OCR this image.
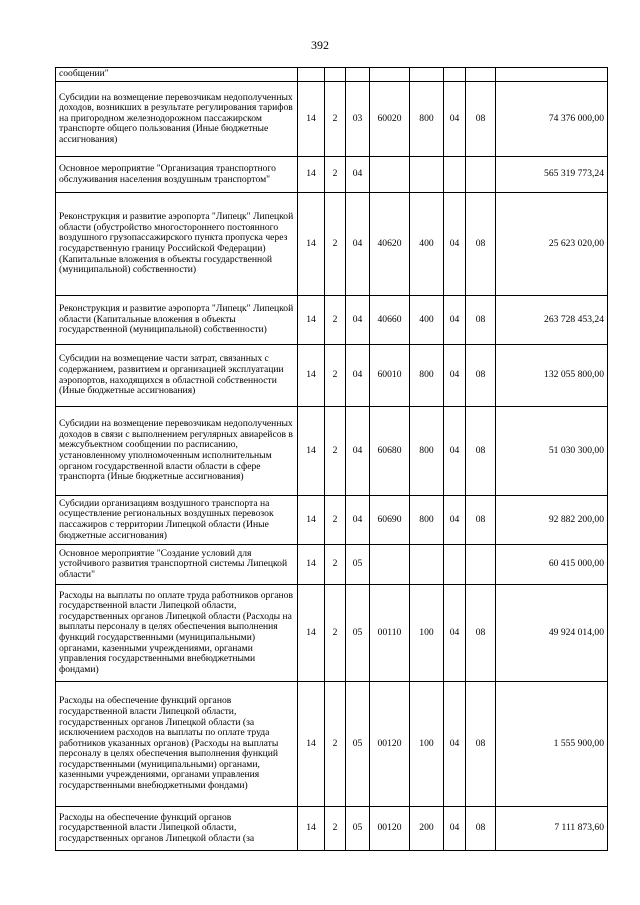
392
сообщении"								
Субсидии на возмещение перевозчикам недополученных доходов, возникших в результате регулирования тарифов на пригородном железнодорожном пассажирском транспорте общего пользования (Иные бюджетные ассигнования)	14	2	03	60020	800	04	08	74 376 000,00
Основное мероприятие "Организация транспортного обслуживания населения воздушным транспортом"	14	2	04					565 319 773,24
Реконструкция и развитие аэропорта "Липецк" Липецкой области (обустройство многостороннего постоянного воздушного грузопассажирского пункта пропуска через государственную границу Российской Федерации) (Капитальные вложения в объекты государственной (муниципальной) собственности)	14	2	04	40620	400	04	08	25 623 020,00
Реконструкция и развитие аэропорта "Липецк" Липецкой области (Капитальные вложения в объекты государственной (муниципальной) собственности)	14	2	04	40660	400	04	08	263 728 453,24
Субсидии на возмещение части затрат, связанных с содержанием, развитием и организацией эксплуатации аэропортов, находящихся в областной собственности (Иные бюджетные ассигнования)	14	2	04	60010	800	04	08	132 055 800,00
Субсидии на возмещение перевозчикам недополученных доходов в связи с выполнением регулярных авиарейсов в межсубъектном сообщении по расписанию, установленному уполномоченным исполнительным органом государственной власти области в сфере транспорта (Иные бюджетные ассигнования)	14	2	04	60680	800	04	08	51 030 300,00
Субсидии организациям воздушного транспорта на осуществление региональных воздушных перевозок пассажиров с территории Липецкой области (Иные бюджетные ассигнования)	14	2	04	60690	800	04	08	92 882 200,00
Основное мероприятие "Создание условий для устойчивого развития транспортной системы Липецкой области"	14	2	05					60 415 000,00
Расходы на выплаты по оплате труда работников органов государственной власти Липецкой области, государственных органов Липецкой области (Расходы на выплаты персоналу в целях обеспечения выполнения функций государственными (муниципальными) органами, казенными учреждениями, органами управления государственными внебюджетными фондами)	14	2	05	00110	100	04	08	49 924 014,00
Расходы на обеспечение функций органов государственной власти Липецкой области, государственных органов Липецкой области (за исключением расходов на выплаты по оплате труда работников указанных органов) (Расходы на выплаты персоналу в целях обеспечения выполнения функций государственными (муниципальными) органами, казенными учреждениями, органами управления государственными внебюджетными фондами)	14	2	05	00120	100	04	08	1 555 900,00
Расходы на обеспечение функций органов государственной власти Липецкой области, государственных органов Липецкой области (за	14	2	05	00120	200	04	08	7 111 873,60
